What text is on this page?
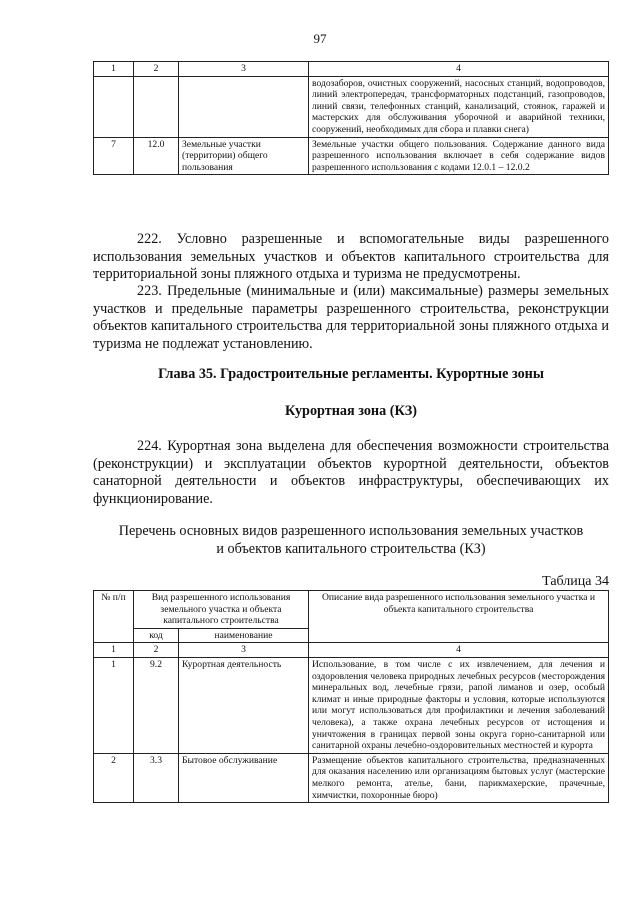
97
1	2	3	4
			водозаборов, очистных сооружений, насосных станций, водопроводов, линий электропередач, трансформаторных подстанций, газопроводов, линий связи, телефонных станций, канализаций, стоянок, гаражей и мастерских для обслуживания уборочной и аварийной техники, сооружений, необходимых для сбора и плавки снега)
7	12.0	Земельные участки (территории) общего пользования	Земельные участки общего пользования. Содержание данного вида разрешенного использования включает в себя содержание видов разрешенного использования с кодами 12.0.1 – 12.0.2

222. Условно разрешенные и вспомогательные виды разрешенного использования земельных участков и объектов капитального строительства для территориальной зоны пляжного отдыха и туризма не предусмотрены.

223. Предельные (минимальные и (или) максимальные) размеры земельных участков и предельные параметры разрешенного строительства, реконструкции объектов капитального строительства для территориальной зоны пляжного отдыха и туризма не подлежат установлению.

Глава 35. Градостроительные регламенты. Курортные зоны

Курортная зона (КЗ)

224. Курортная зона выделена для обеспечения возможности строительства (реконструкции) и эксплуатации объектов курортной деятельности, объектов санаторной деятельности и объектов инфраструктуры, обеспечивающих их функционирование.

Перечень основных видов разрешенного использования земельных участков

и объектов капитального строительства (КЗ)

Таблица 34
№ п/п	Вид разрешенного использования земельного участка и объекта капитального строительства		Описание вида разрешенного использования земельного участка и объекта капитального строительства
	код	наименование	
1	2	3	4
1	9.2	Курортная деятельность	Использование, в том числе с их извлечением, для лечения и оздоровления человека природных лечебных ресурсов (месторождения минеральных вод, лечебные грязи, рапой лиманов и озер, особый климат и иные природные факторы и условия, которые используются или могут использоваться для профилактики и лечения заболеваний человека), а также охрана лечебных ресурсов от истощения и уничтожения в границах первой зоны округа горно-санитарной или санитарной охраны лечебно-оздоровительных местностей и курорта
2	3.3	Бытовое обслуживание	Размещение объектов капитального строительства, предназначенных для оказания населению или организациям бытовых услуг (мастерские мелкого ремонта, ателье, бани, парикмахерские, прачечные, химчистки, похоронные бюро)
